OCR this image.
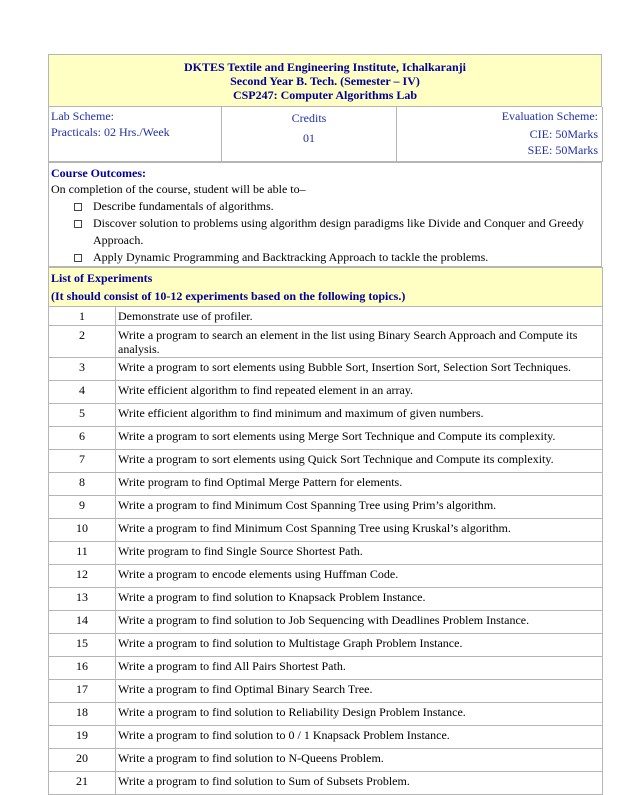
DKTES Textile and Engineering Institute, Ichalkaranji
Second Year B. Tech. (Semester – IV)
CSP247: Computer Algorithms Lab
Lab Scheme:
Practicals: 02 Hrs./Week

Credits
01

Evaluation Scheme:
CIE: 50Marks
SEE: 50Marks
Course Outcomes:
On completion of the course, student will be able to–
Describe fundamentals of algorithms.
Discover solution to problems using algorithm design paradigms like Divide and Conquer and Greedy Approach.
Apply Dynamic Programming and Backtracking Approach to tackle the problems.
List of Experiments
(It should consist of 10-12 experiments based on the following topics.)	

1	Demonstrate use of profiler.
2	Write a program to search an element in the list using Binary Search Approach and Compute its analysis.
3	Write a program to sort elements using Bubble Sort, Insertion Sort, Selection Sort Techniques.
4	Write efficient algorithm to find repeated element in an array.
5	Write efficient algorithm to find minimum and maximum of given numbers.
6	Write a program to sort elements using Merge Sort Technique and Compute its complexity.
7	Write a program to sort elements using Quick Sort Technique and Compute its complexity.
8	Write program to find Optimal Merge Pattern for elements.
9	Write a program to find Minimum Cost Spanning Tree using Prim’s algorithm.
10	Write a program to find Minimum Cost Spanning Tree using Kruskal’s algorithm.
11	Write program to find Single Source Shortest Path.
12	Write a program to encode elements using Huffman Code.
13	Write a program to find solution to Knapsack Problem Instance.
14	Write a program to find solution to Job Sequencing with Deadlines Problem Instance.
15	Write a program to find solution to Multistage Graph Problem Instance.
16	Write a program to find All Pairs Shortest Path.
17	Write a program to find Optimal Binary Search Tree.
18	Write a program to find solution to Reliability Design Problem Instance.
19	Write a program to find solution to 0 / 1 Knapsack Problem Instance.
20	Write a program to find solution to N-Queens Problem.
21	Write a program to find solution to Sum of Subsets Problem.
